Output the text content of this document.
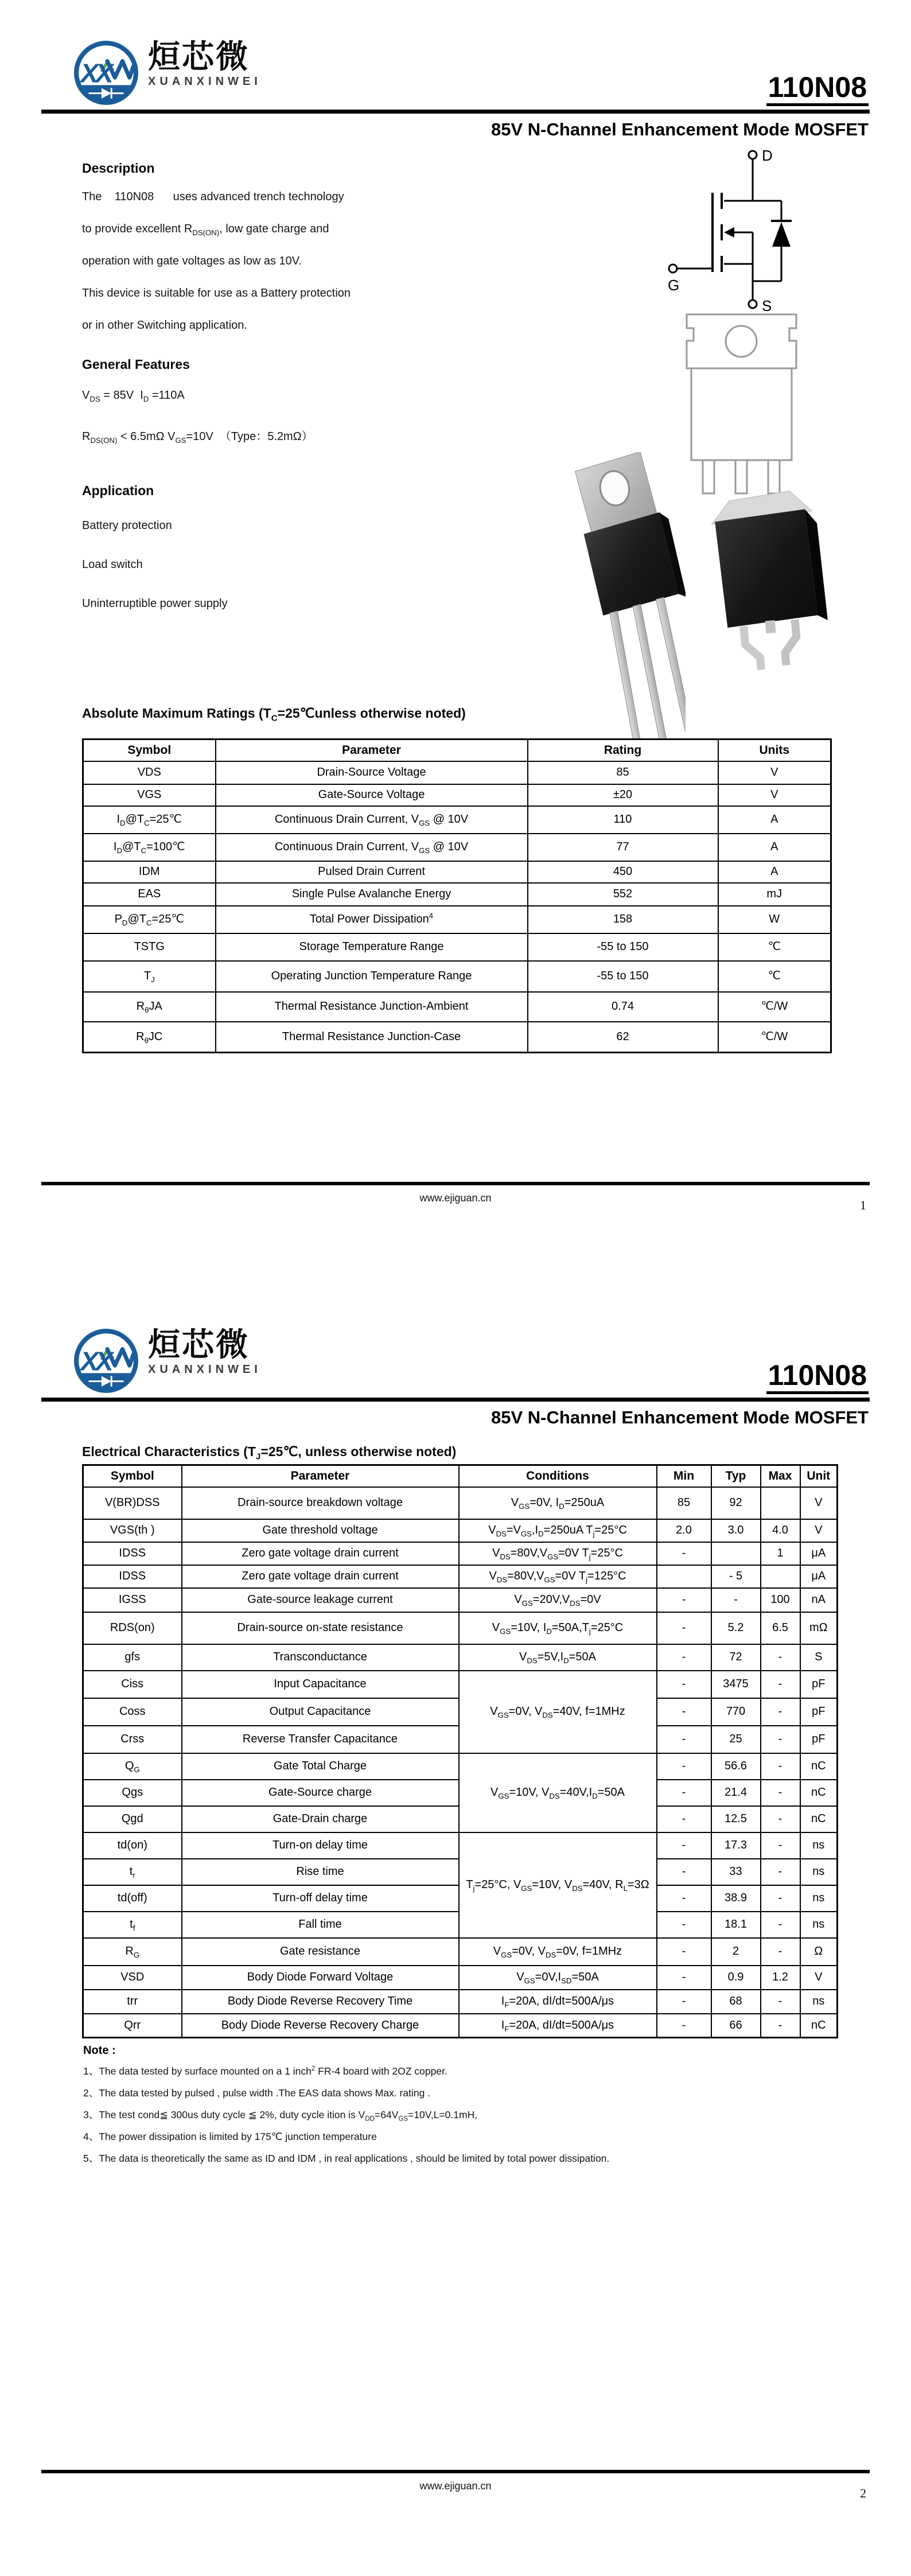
XX 烜芯微
XUANXINWEI	110N08
85V N-Channel Enhancement Mode MOSFET
Description
The    110N08      uses advanced trench technology
to provide excellent $R_{DS(ON)}$, low gate charge and
operation with gate voltages as low as 10V.
This device is suitable for use as a Battery protection
or in other Switching application.
General Features
$V_{DS} = 85V$  $I_D =110A$
$R_{DS(ON)} < 6.5m\Omega$ $V_{GS}=10V$  （Type：5.2mΩ）
Application
Battery protection
Load switch
Uninterruptible power supply
D
G
S
Absolute Maximum Ratings ($T_C=25℃unless$ otherwise noted)
Symbol	Parameter	Rating	Units
VDS	Drain-Source Voltage	85	V
VGS	Gate-Source Voltage	±20	V
$I_D@T_C=25℃$	Continuous Drain Current, $V_{GS}$ @ 10V	110	A
$I_D@T_C=100℃$	Continuous Drain Current, $V_{GS}$ @ 10V	77	A
IDM	Pulsed Drain Current	450	A
EAS	Single Pulse Avalanche Energy	552	mJ
$P_D@T_C=25℃$	Total Power Dissipation$^4$	158	W
TSTG	Storage Temperature Range	-55 to 150	℃
$T_J$	Operating Junction Temperature Range	-55 to 150	℃
$R_\theta JA$	Thermal Resistance Junction-Ambient	0.74	℃/W
$R_\theta JC$	Thermal Resistance Junction-Case	62	℃/W
www.ejiguan.cn	1
XX 烜芯微
XUANXINWEI	110N08
85V N-Channel Enhancement Mode MOSFET
Electrical Characteristics ($T_J=25℃$, unless otherwise noted)
Symbol	Parameter	Conditions	Min	Typ	Max	Unit
V(BR)DSS	Drain-source breakdown voltage	$V_{GS}=0V$, $I_D=250uA$	85	92		V
VGS(th )	Gate threshold voltage	$V_{DS}=V_{GS},I_D=250uA$ $T_j=25^\circ C$	2.0	3.0	4.0	V
IDSS	Zero gate voltage drain current	$V_{DS}=80V,V_{GS}=0V$ $T_j=25^\circ C$	-		1	μA
IDSS	Zero gate voltage drain current	$V_{DS}=80V,V_{GS}=0V$ $T_j=125^\circ C$		- 5		μA
IGSS	Gate-source leakage current	$V_{GS}=20V,V_{DS}=0V$	-	-	100	nA
RDS(on)	Drain-source on-state resistance	$V_{GS}=10V$, $I_D=50A,T_j=25^\circ C$	-	5.2	6.5	mΩ
gfs	Transconductance	$V_{DS}=5V,I_D=50A$	-	72	-	S
Ciss	Input Capacitance	$V_{GS}=0V$, $V_{DS}=40V$, f=1MHz	-	3475	-	pF
Coss	Output Capacitance		-	770	-	pF
Crss	Reverse Transfer Capacitance		-	25	-	pF
$Q_G$	Gate Total Charge	$V_{GS}=10V$, $V_{DS}=40V,I_D=50A$	-	56.6	-	nC
Qgs	Gate-Source charge		-	21.4	-	nC
Qgd	Gate-Drain charge		-	12.5	-	nC
td(on)	Turn-on delay time	$T_j=25^\circ C$, $V_{GS}=10V$, $V_{DS}=40V$, $R_L=3\Omega$	-	17.3	-	ns
$t_r$	Rise time		-	33	-	ns
td(off)	Turn-off delay time		-	38.9	-	ns
$t_f$	Fall time		-	18.1	-	ns
$R_G$	Gate resistance	$V_{GS}=0V$, $V_{DS}=0V$, f=1MHz	-	2	-	Ω
VSD	Body Diode Forward Voltage	$V_{GS}=0V,I_{SD}=50A$	-	0.9	1.2	V
trr	Body Diode Reverse Recovery Time	$I_F=20A$, dI/dt=500A/μs	-	68	-	ns
Qrr	Body Diode Reverse Recovery Charge	$I_F=20A$, dI/dt=500A/μs	-	66	-	nC
Note :
1、The data tested by surface mounted on a 1 inch$^2$ FR-4 board with 2OZ copper.
2、The data tested by pulsed , pulse width .The EAS data shows Max. rating .
3、The test cond≦ 300us duty cycle ≦ 2%, duty cycle ition is $V_{DD}=64V_{GS}=10V,L=0.1mH$,
4、The power dissipation is limited by 175℃ junction temperature
5、The data is theoretically the same as ID and IDM , in real applications , should be limited by total power dissipation.
www.ejiguan.cn	2
